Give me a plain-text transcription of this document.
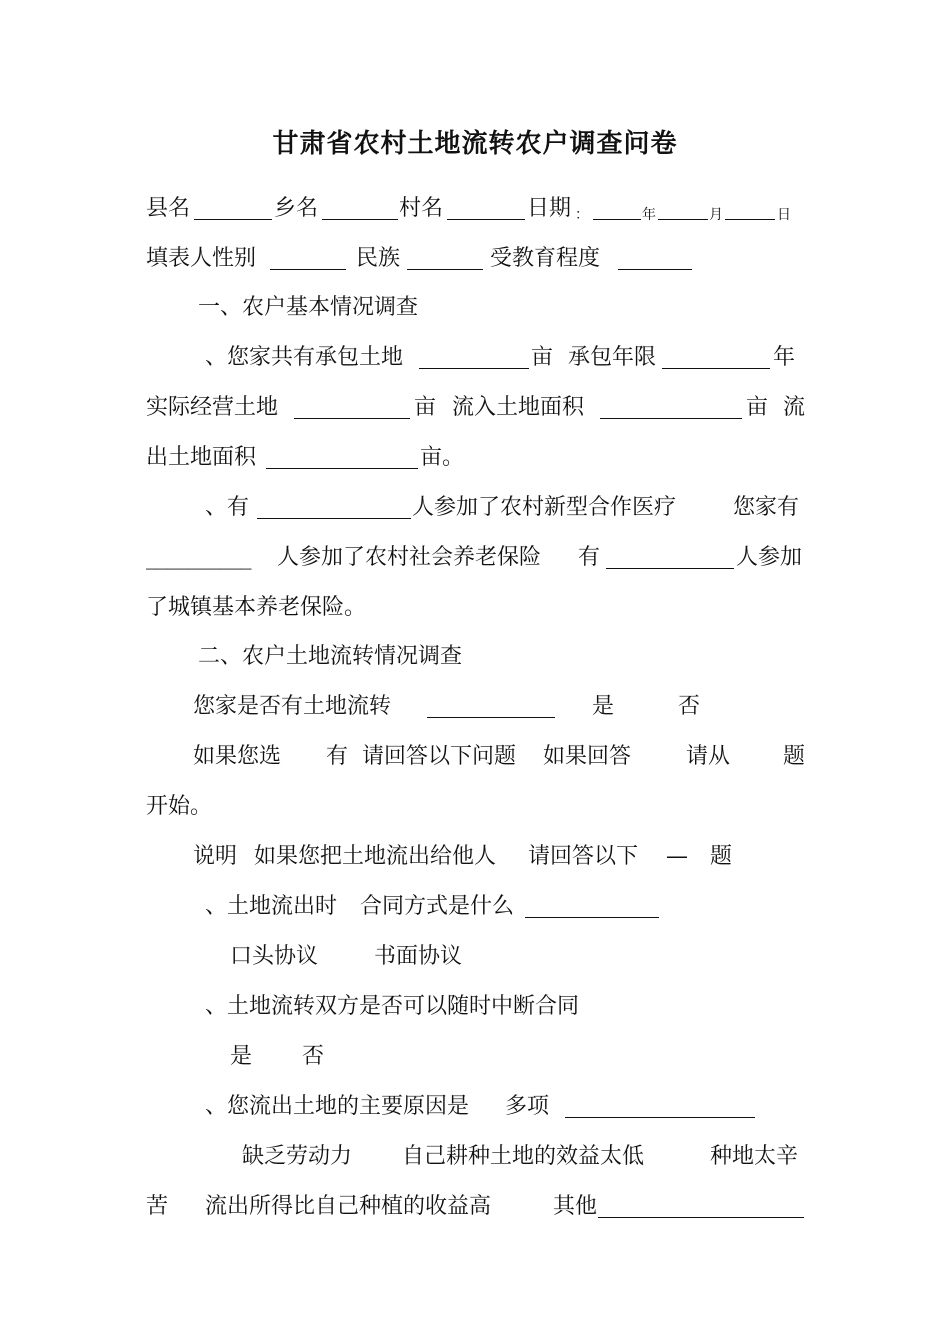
甘肃省农村土地流转农户调查问卷
县名	乡名	村名	日期 ：	年	月	日
填表人性别	民族	受教育程度
一、农户基本情况调查
、您家共有承包土地	亩 承包年限	年
实际经营土地	亩 流入土地面积	亩 流
出土地面积	亩。
、有	人参加了农村新型合作医疗	您家有
__________ 人参加了农村社会养老保险 有	人参加
了城镇基本养老保险。
二、农户土地流转情况调查
您家是否有土地流转	是	否
如果您选 有 请回答以下问题 如果回答 请从 题
开始。
说明 如果您把土地流出给他人 请回答以下 — 题
、土地流出时 合同方式是什么
口头协议	书面协议
、土地流转双方是否可以随时中断合同
是 否
、您流出土地的主要原因是 多项
缺乏劳动力 自己耕种土地的效益太低	种地太辛
苦 流出所得比自己种植的收益高	其他
